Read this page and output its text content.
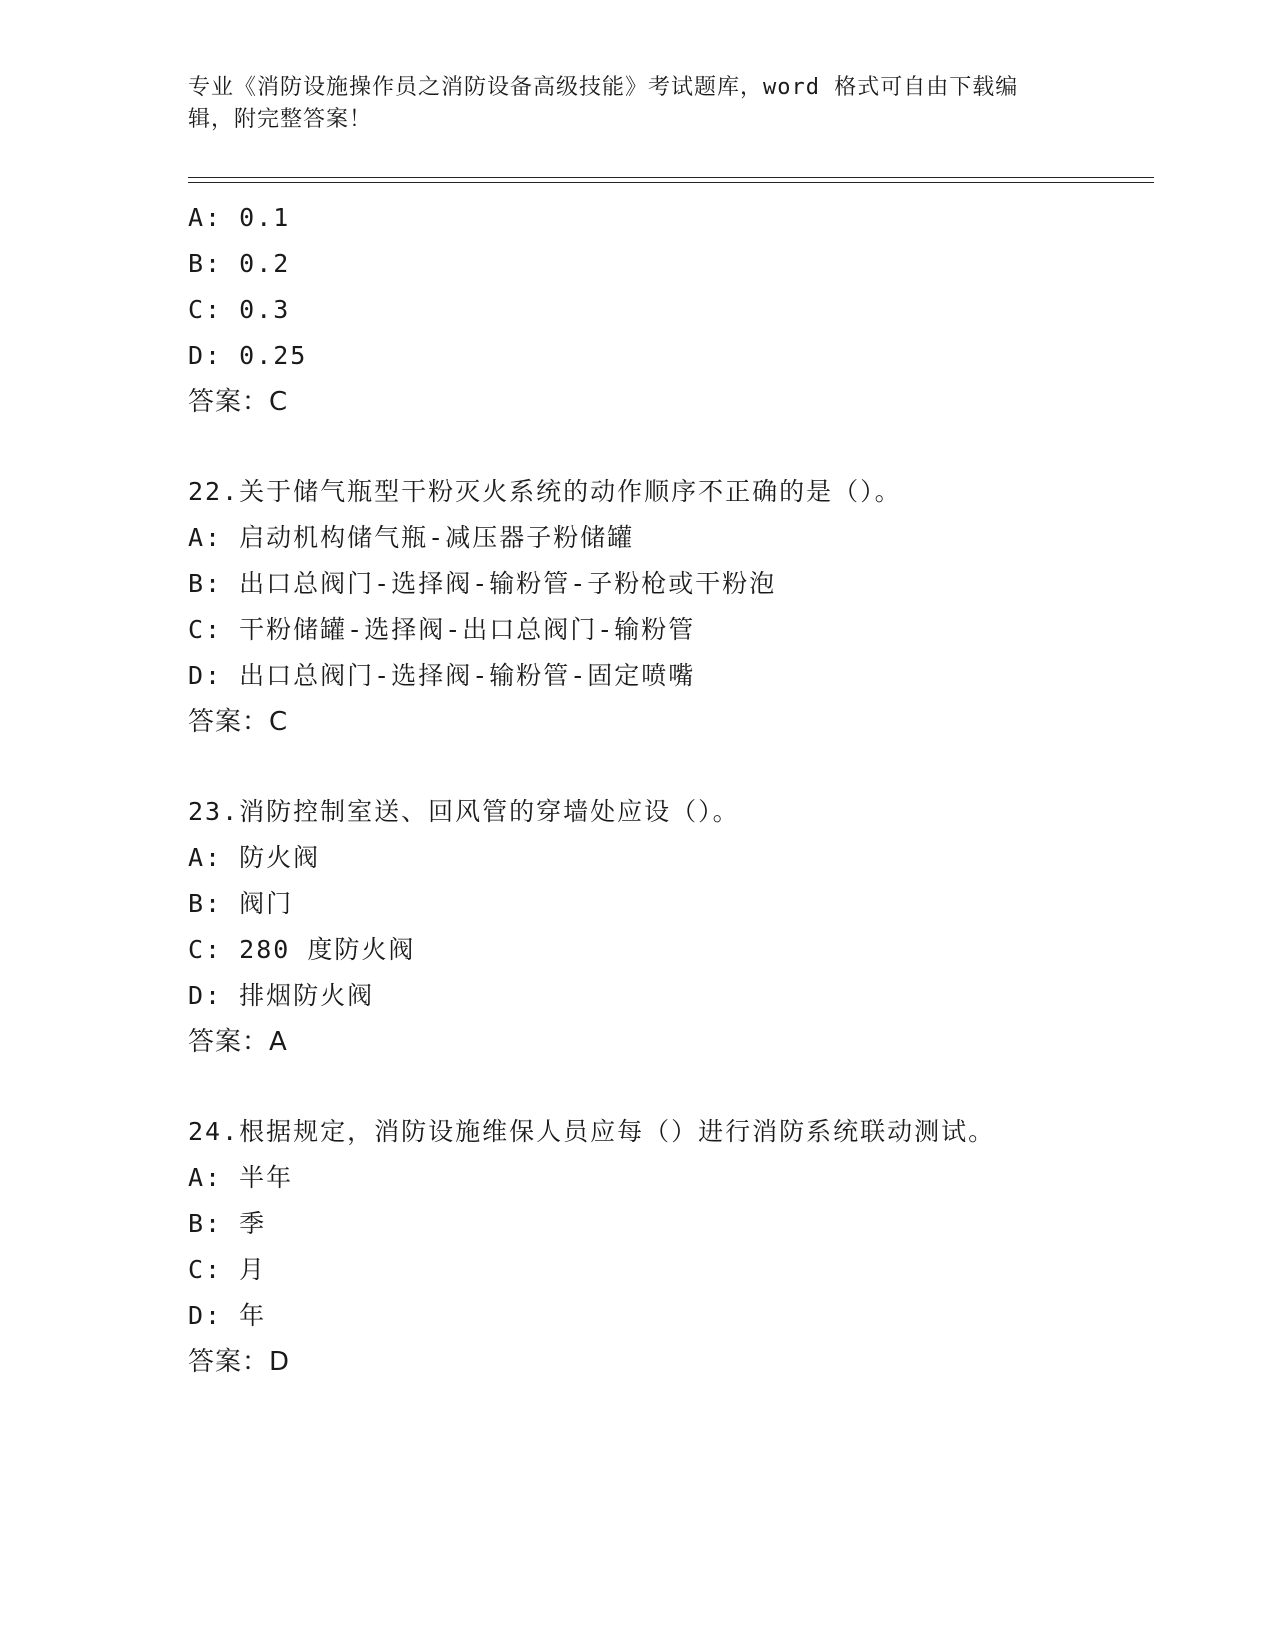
专业《消防设施操作员之消防设备高级技能》考试题库，word 格式可自由下载编
辑，附完整答案！
A: 0.1
B: 0.2
C: 0.3
D: 0.25
答案：C
22.关于储气瓶型干粉灭火系统的动作顺序不正确的是（）。
A: 启动机构储气瓶-减压器子粉储罐
B: 出口总阀门-选择阀-输粉管-子粉枪或干粉泡
C: 干粉储罐-选择阀-出口总阀门-输粉管
D: 出口总阀门-选择阀-输粉管-固定喷嘴
答案：C
23.消防控制室送、回风管的穿墙处应设（）。
A: 防火阀
B: 阀门
C: 280 度防火阀
D: 排烟防火阀
答案：A
24.根据规定，消防设施维保人员应每（）进行消防系统联动测试。
A: 半年
B: 季
C: 月
D: 年
答案：D
